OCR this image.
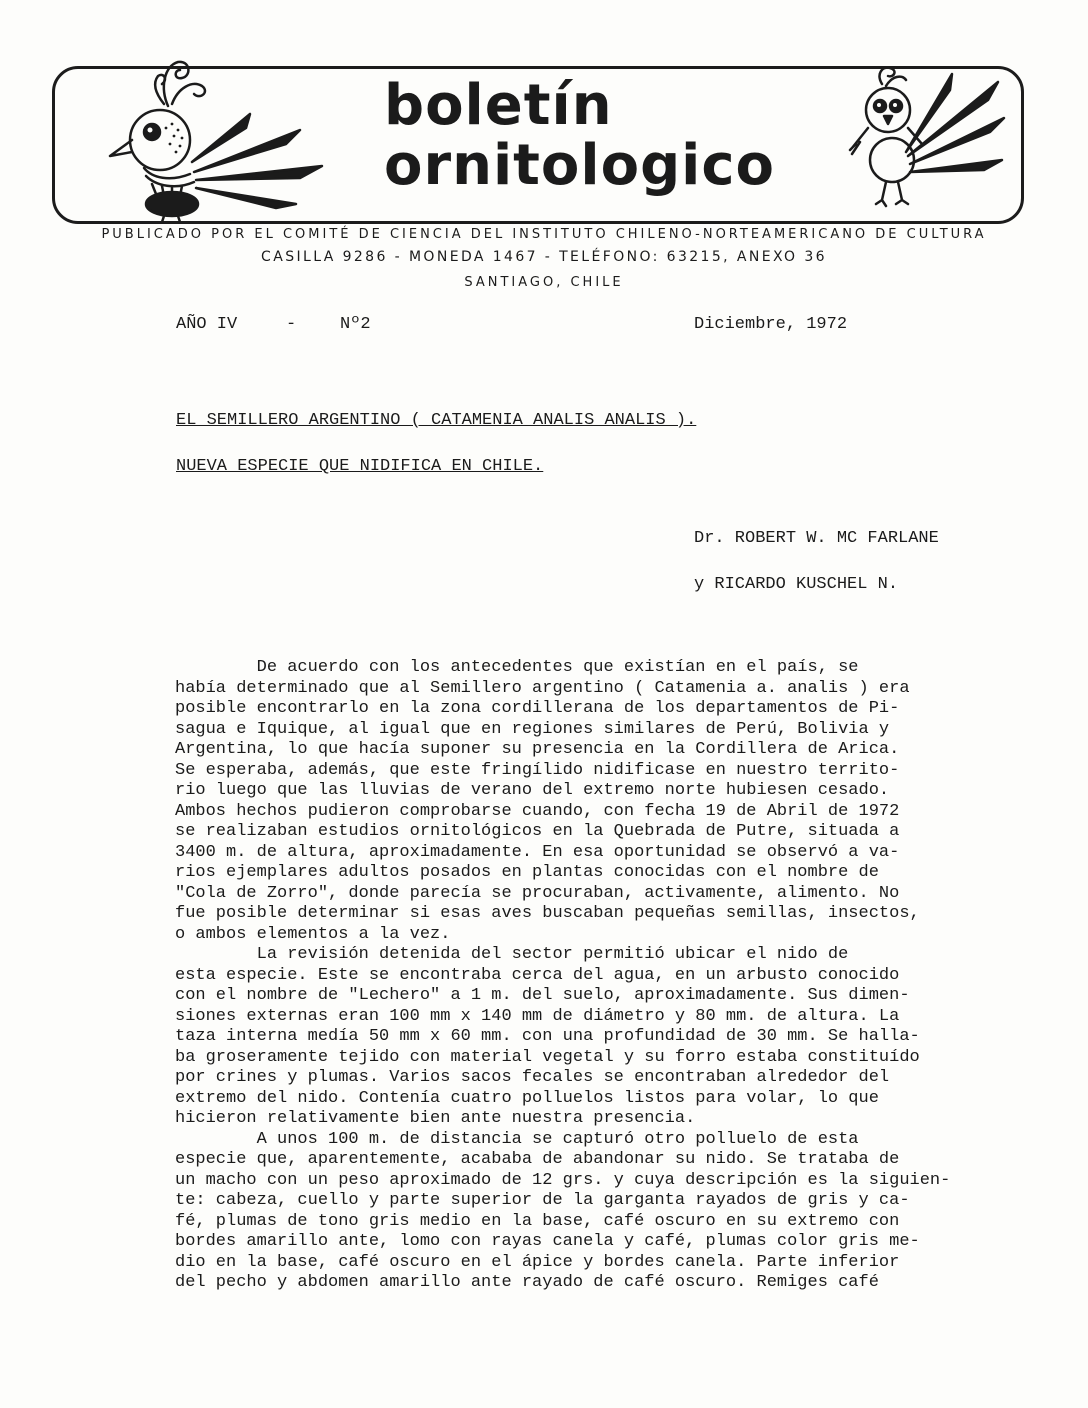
boletín
ornitologico
PUBLICADO POR EL COMITÉ DE CIENCIA DEL INSTITUTO CHILENO-NORTEAMERICANO DE CULTURA
CASILLA 9286 - MONEDA 1467 - TELÉFONO: 63215, ANEXO 36
SANTIAGO, CHILE
AÑO IV	-	Nº2	Diciembre, 1972
EL SEMILLERO ARGENTINO ( CATAMENIA ANALIS ANALIS ).
NUEVA ESPECIE QUE NIDIFICA EN CHILE.
Dr. ROBERT W. MC FARLANE
y RICARDO KUSCHEL N.
De acuerdo con los antecedentes que existían en el país, se
había determinado que al Semillero argentino ( Catamenia a. analis ) era
posible encontrarlo en la zona cordillerana de los departamentos de Pi-
sagua e Iquique, al igual que en regiones similares de Perú, Bolivia y
Argentina, lo que hacía suponer su presencia en la Cordillera de Arica.
Se esperaba, además, que este fringílido nidificase en nuestro territo-
rio luego que las lluvias de verano del extremo norte hubiesen cesado.
Ambos hechos pudieron comprobarse cuando, con fecha 19 de Abril de 1972
se realizaban estudios ornitológicos en la Quebrada de Putre, situada a
3400 m. de altura, aproximadamente. En esa oportunidad se observó a va-
rios ejemplares adultos posados en plantas conocidas con el nombre de
"Cola de Zorro", donde parecía se procuraban, activamente, alimento. No
fue posible determinar si esas aves buscaban pequeñas semillas, insectos,
o ambos elementos a la vez.
La revisión detenida del sector permitió ubicar el nido de
esta especie. Este se encontraba cerca del agua, en un arbusto conocido
con el nombre de "Lechero" a 1 m. del suelo, aproximadamente. Sus dimen-
siones externas eran 100 mm x 140 mm de diámetro y 80 mm. de altura. La
taza interna medía 50 mm x 60 mm. con una profundidad de 30 mm. Se halla-
ba groseramente tejido con material vegetal y su forro estaba constituído
por crines y plumas. Varios sacos fecales se encontraban alrededor del
extremo del nido. Contenía cuatro polluelos listos para volar, lo que
hicieron relativamente bien ante nuestra presencia.
A unos 100 m. de distancia se capturó otro polluelo de esta
especie que, aparentemente, acababa de abandonar su nido. Se trataba de
un macho con un peso aproximado de 12 grs. y cuya descripción es la siguien-
te: cabeza, cuello y parte superior de la garganta rayados de gris y ca-
fé, plumas de tono gris medio en la base, café oscuro en su extremo con
bordes amarillo ante, lomo con rayas canela y café, plumas color gris me-
dio en la base, café oscuro en el ápice y bordes canela. Parte inferior
del pecho y abdomen amarillo ante rayado de café oscuro. Remiges café
